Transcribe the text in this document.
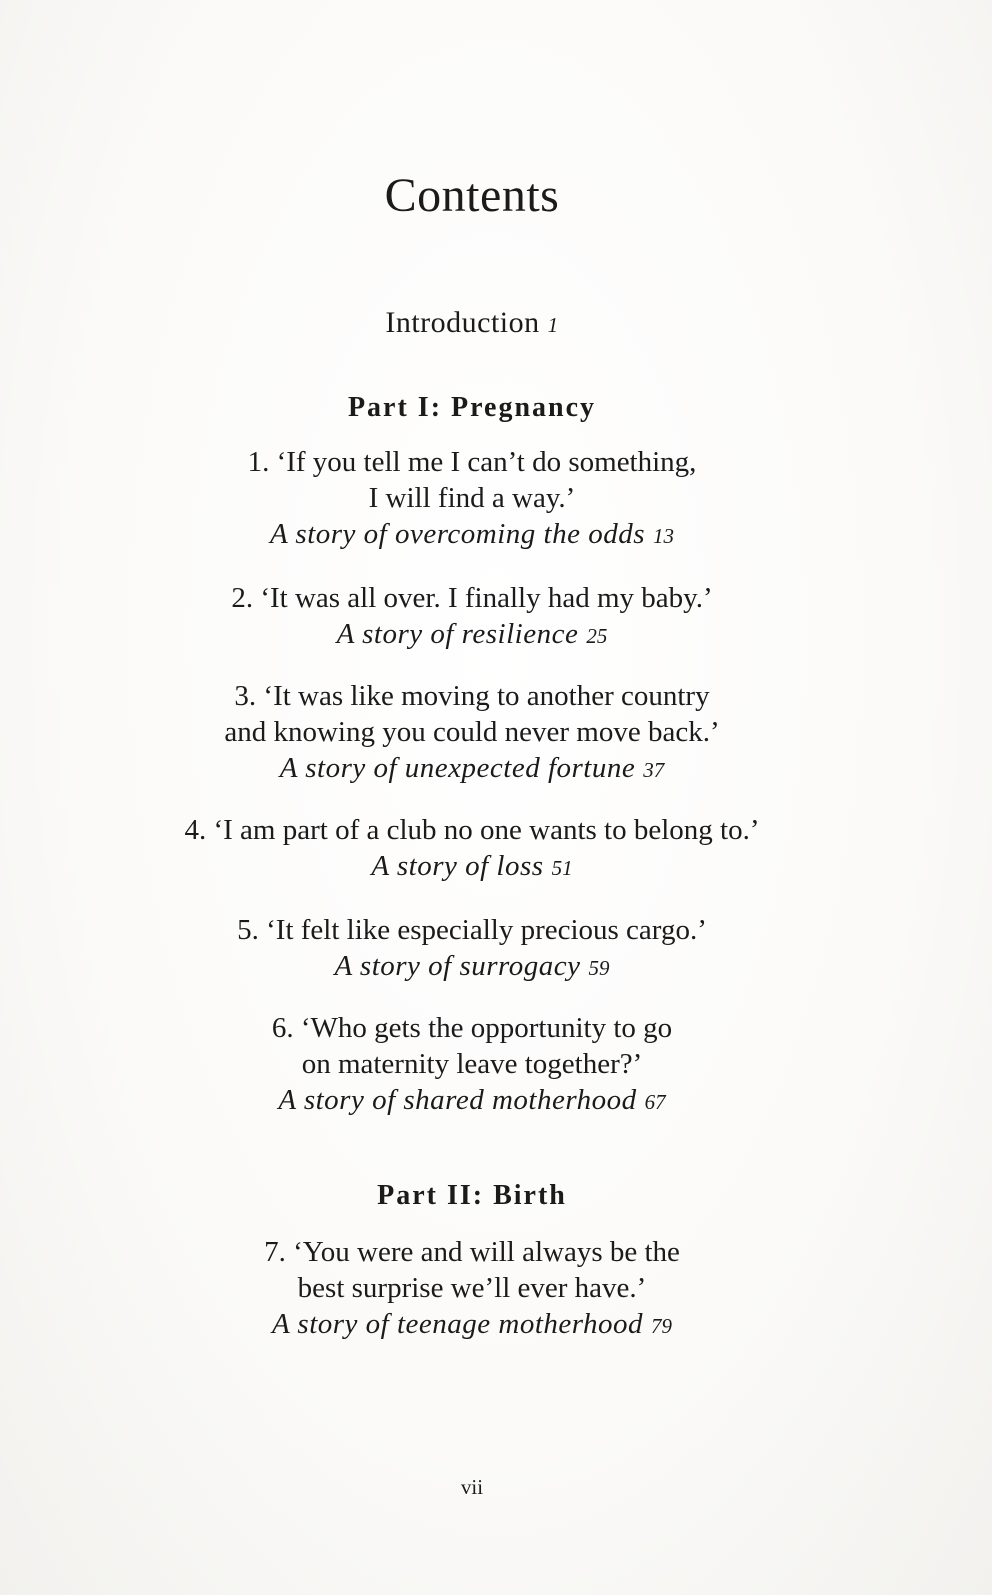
Contents
Introduction 1
Part I: Pregnancy
1. ‘If you tell me I can’t do something,
I will find a way.’
A story of overcoming the odds 13
2. ‘It was all over. I finally had my baby.’
A story of resilience 25
3. ‘It was like moving to another country
and knowing you could never move back.’
A story of unexpected fortune 37
4. ‘I am part of a club no one wants to belong to.’
A story of loss 51
5. ‘It felt like especially precious cargo.’
A story of surrogacy 59
6. ‘Who gets the opportunity to go
on maternity leave together?’
A story of shared motherhood 67
Part II: Birth
7. ‘You were and will always be the
best surprise we’ll ever have.’
A story of teenage motherhood 79
vii
